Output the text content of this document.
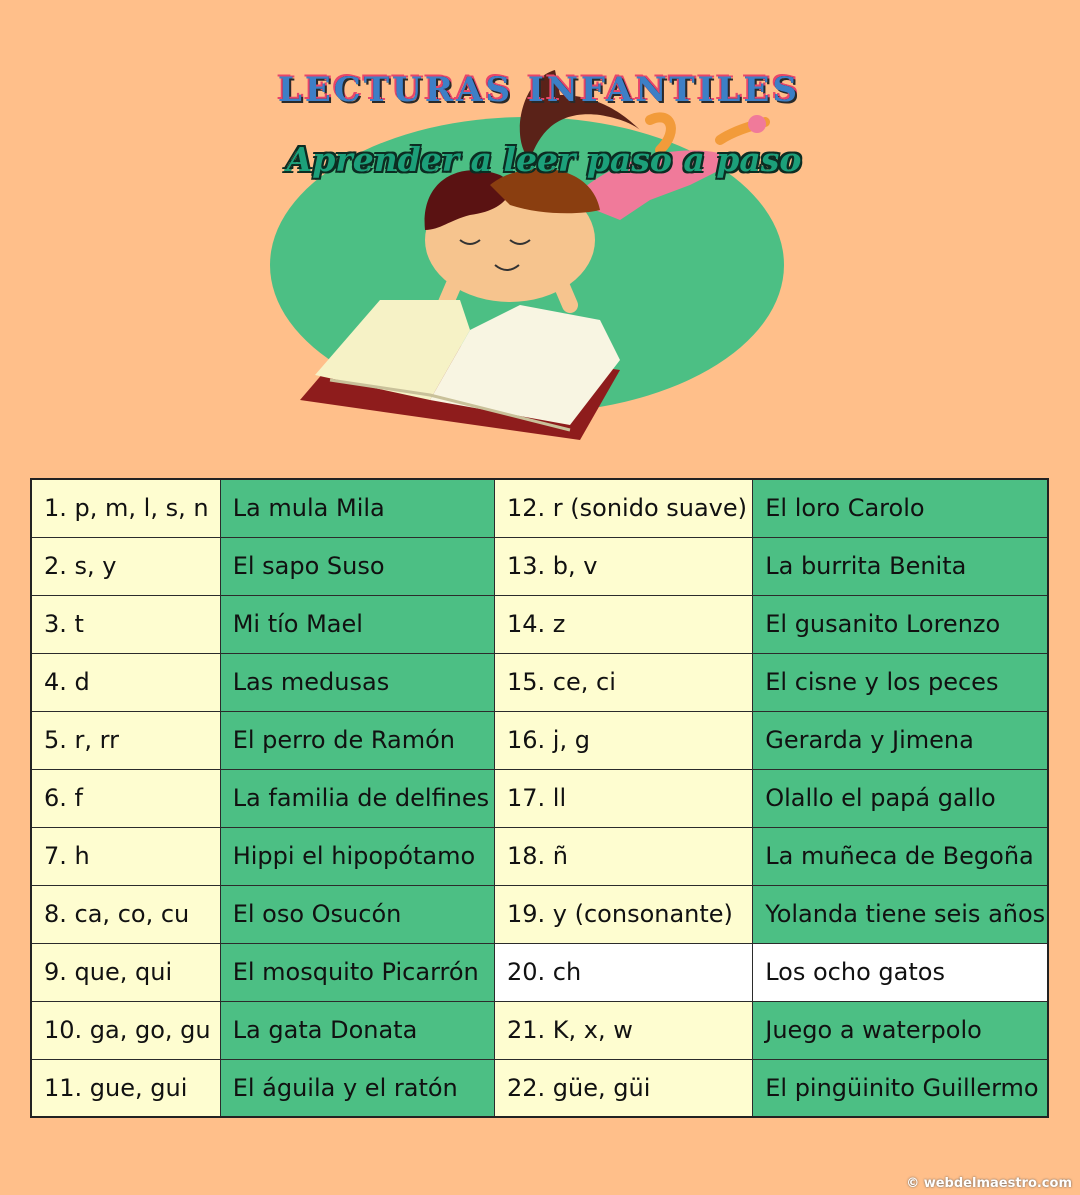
LECTURAS INFANTILES
Aprender a leer paso a paso
1. p, m, l, s, n	La mula Mila	12. r (sonido suave)	El loro Carolo
2. s, y	El sapo Suso	13. b, v	La burrita Benita
3. t	Mi tío Mael	14. z	El gusanito Lorenzo
4. d	Las medusas	15. ce, ci	El cisne y los peces
5. r, rr	El perro de Ramón	16. j, g	Gerarda y Jimena
6. f	La familia de delfines	17. ll	Olallo el papá gallo
7. h	Hippi el hipopótamo	18. ñ	La muñeca de Begoña
8. ca, co, cu	El oso Osucón	19. y (consonante)	Yolanda tiene seis años
9. que, qui	El mosquito Picarrón	20. ch	Los ocho gatos
10. ga, go, gu	La gata Donata	21. K, x, w	Juego a waterpolo
11. gue, gui	El águila y el ratón	22. güe, güi	El pingüinito Guillermo
© webdelmaestro.com
